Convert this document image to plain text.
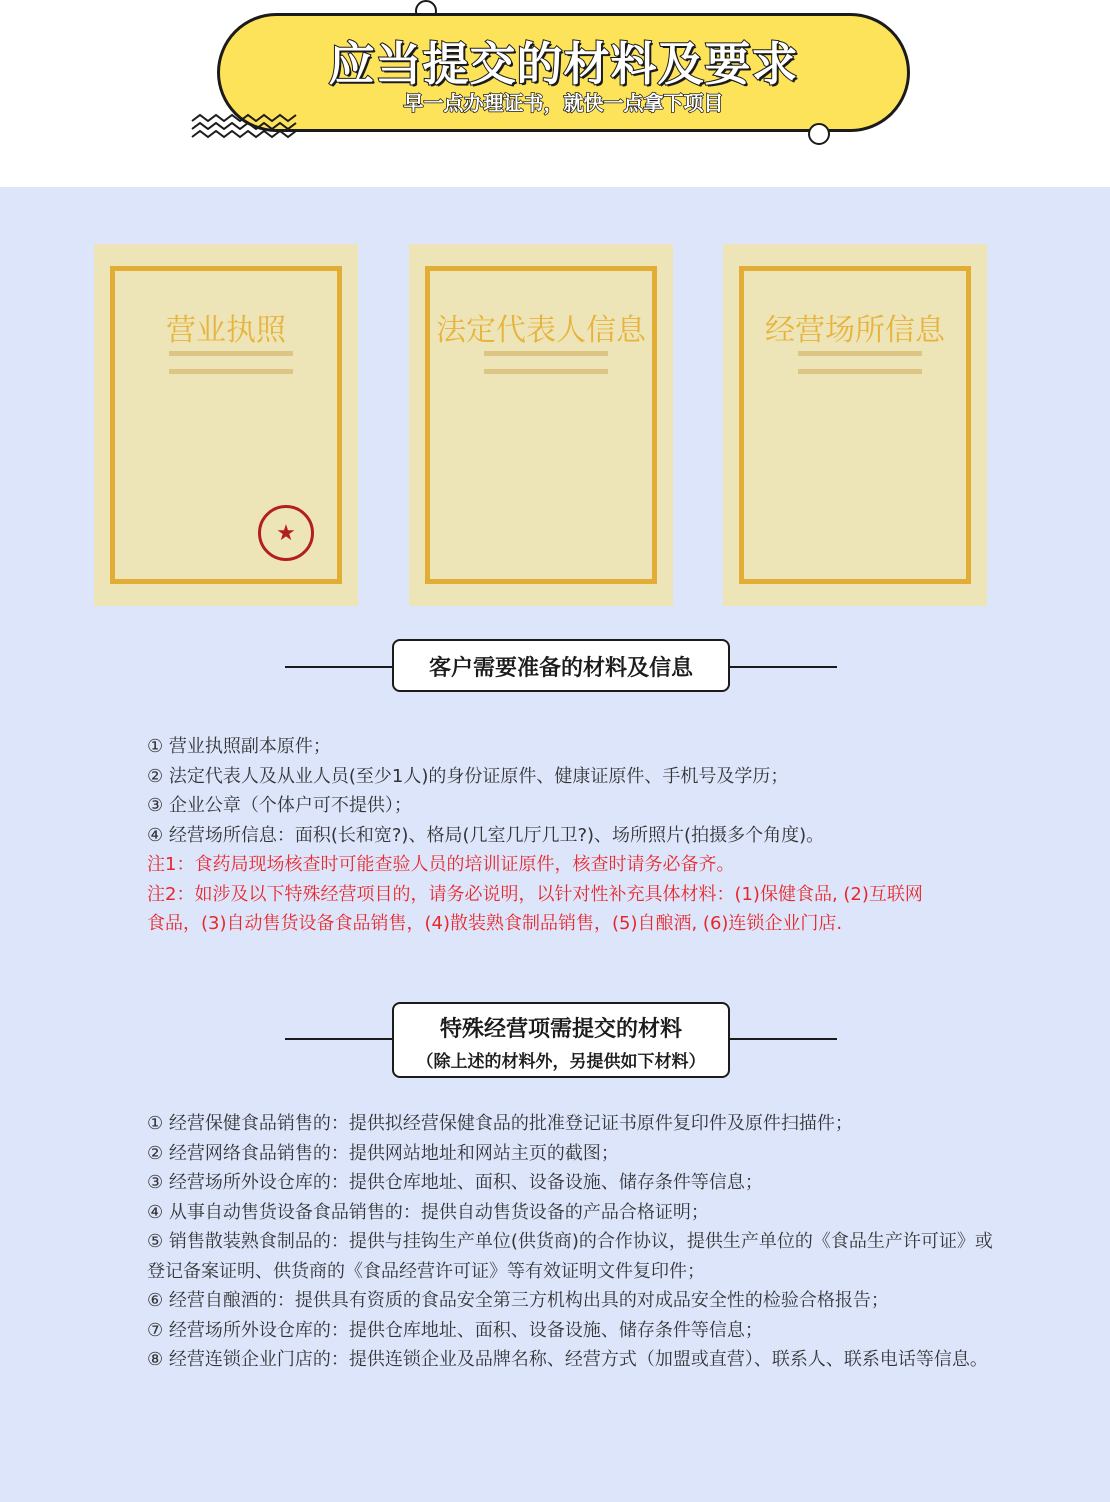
应当提交的材料及要求
早一点办理证书，就快一点拿下项目
营业执照
★
法定代表人信息	经营场所信息
客户需要准备的材料及信息

① 营业执照副本原件；

② 法定代表人及从业人员(至少1人)的身份证原件、健康证原件、手机号及学历；

③ 企业公章（个体户可不提供）；

④ 经营场所信息：面积(长和宽?)、格局(几室几厅几卫?)、场所照片(拍摄多个角度)。

注1：食药局现场核查时可能查验人员的培训证原件，核查时请务必备齐。

注2：如涉及以下特殊经营项目的，请务必说明，以针对性补充具体材料：(1)保健食品, (2)互联网食品，(3)自动售货设备食品销售，(4)散装熟食制品销售，(5)自酿酒, (6)连锁企业门店.

特殊经营项需提交的材料
（除上述的材料外，另提供如下材料）

① 经营保健食品销售的：提供拟经营保健食品的批准登记证书原件复印件及原件扫描件；

② 经营网络食品销售的：提供网站地址和网站主页的截图；

③ 经营场所外设仓库的：提供仓库地址、面积、设备设施、储存条件等信息；

④ 从事自动售货设备食品销售的：提供自动售货设备的产品合格证明；

⑤ 销售散装熟食制品的：提供与挂钩生产单位(供货商)的合作协议，提供生产单位的《食品生产许可证》或登记备案证明、供货商的《食品经营许可证》等有效证明文件复印件；

⑥ 经营自酿酒的：提供具有资质的食品安全第三方机构出具的对成品安全性的检验合格报告；

⑦ 经营场所外设仓库的：提供仓库地址、面积、设备设施、储存条件等信息；

⑧ 经营连锁企业门店的：提供连锁企业及品牌名称、经营方式（加盟或直营）、联系人、联系电话等信息。
